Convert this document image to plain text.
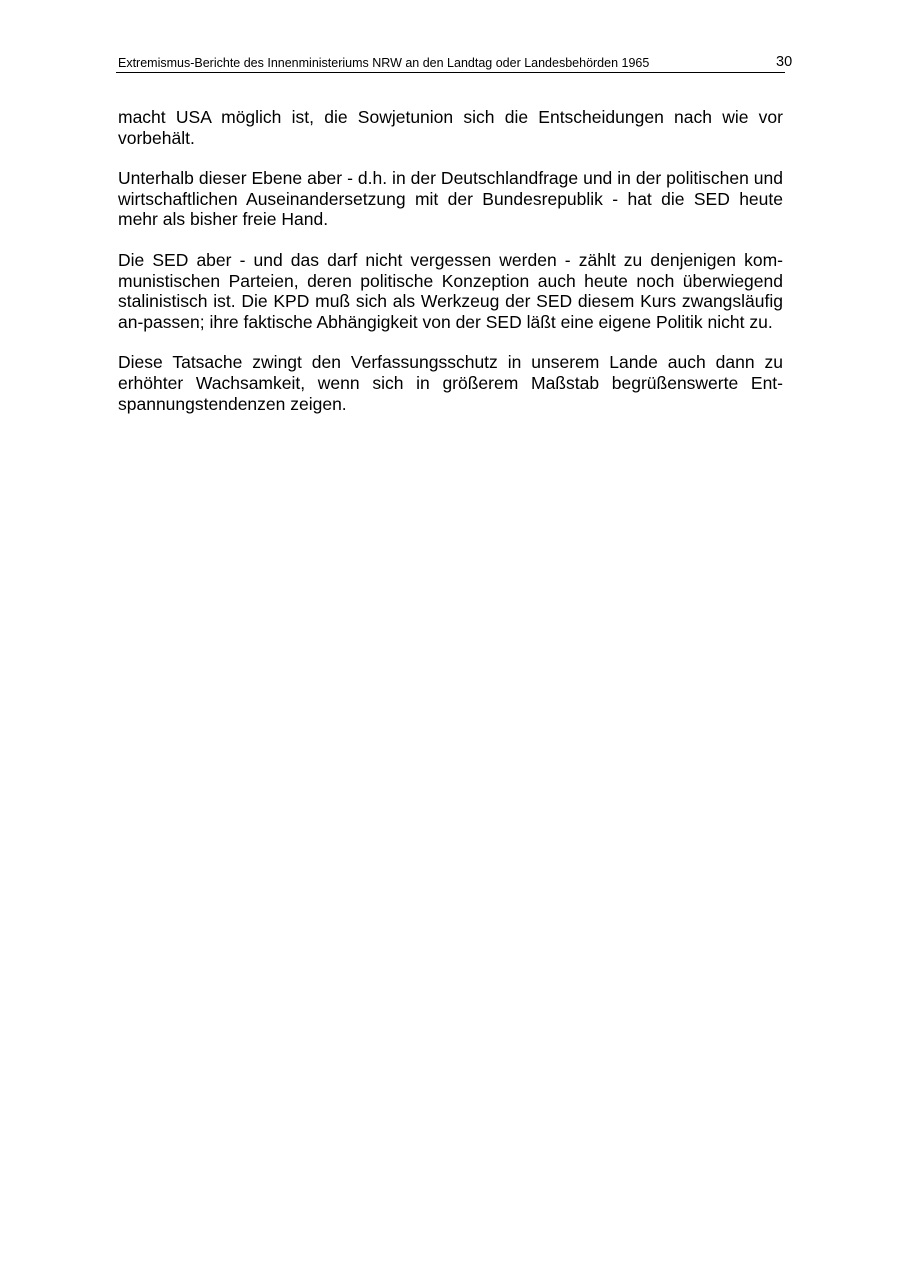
Extremismus-Berichte des Innenministeriums NRW an den Landtag oder Landesbehörden 1965	30

macht USA möglich ist, die Sowjetunion sich die Entscheidungen nach wie vor vorbehält.

Unterhalb dieser Ebene aber - d.h. in der Deutschlandfrage und in der politischen und wirtschaftlichen Auseinandersetzung mit der Bundesrepublik - hat die SED heute mehr als bisher freie Hand.

Die SED aber - und das darf nicht vergessen werden - zählt zu denjenigen kommunistischen Parteien, deren politische Konzeption auch heute noch überwiegend stalinistisch ist. Die KPD muß sich als Werkzeug der SED diesem Kurs zwangsläufig an-passen; ihre faktische Abhängigkeit von der SED läßt eine eigene Politik nicht zu.

Diese Tatsache zwingt den Verfassungsschutz in unserem Lande auch dann zu erhöhter Wachsamkeit, wenn sich in größerem Maßstab begrüßenswerte Entspannungstendenzen zeigen.
